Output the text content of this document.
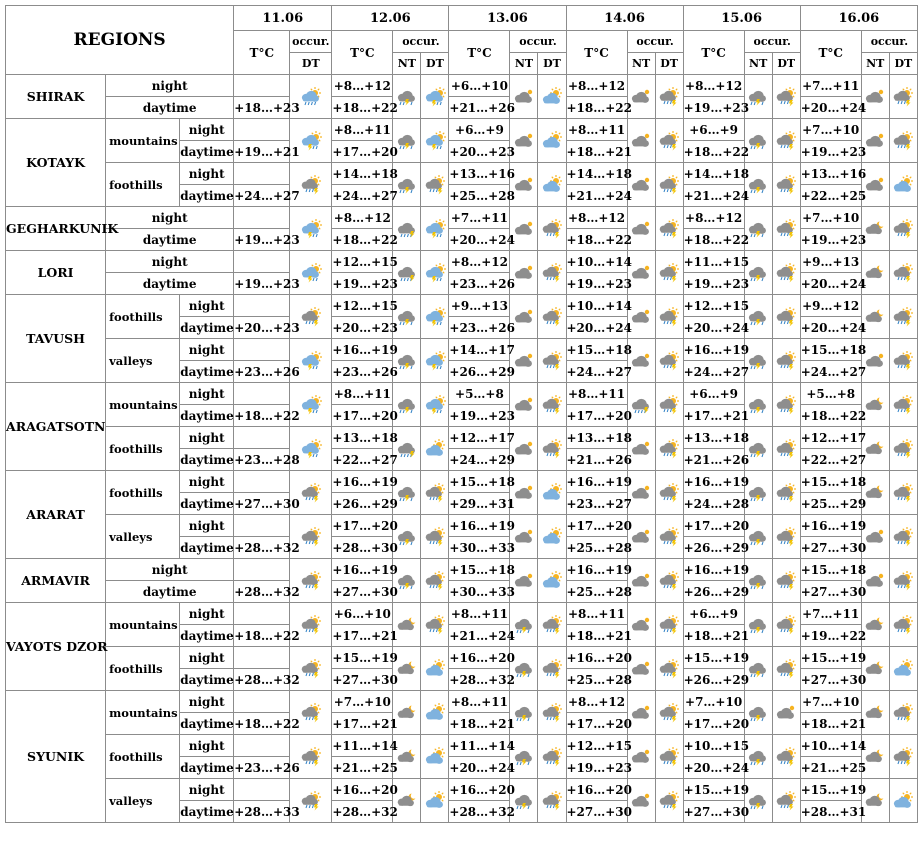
REGIONS			11.06		12.06			13.06			14.06			15.06			16.06		
			T°C	occur.	T°C	occur.		T°C	occur.		T°C	occur.		T°C	occur.		T°C	occur.	
				DT		NT	DT		NT	DT		NT	DT		NT	DT		NT	DT
SHIRAK	night				+8…+12			+6…+10			+8…+12			+8…+12			+7…+11		
	daytime		+18…+23		+18…+22			+21…+26			+18…+22			+19…+23			+20…+24		
KOTAYK	mountains	night			+8…+11			+6…+9			+8…+11			+6…+9			+7…+10		
		daytime	+19…+21		+17…+20			+20…+23			+18…+21			+18…+22			+19…+23		
	foothills	night			+14…+18			+13…+16			+14…+18			+14…+18			+13…+16		
		daytime	+24…+27		+24…+27			+25…+28			+21…+24			+21…+24			+22…+25		
GEGHARKUNIK	night				+8…+12			+7…+11			+8…+12			+8…+12			+7…+10		
	daytime		+19…+23		+18…+22			+20…+24			+18…+22			+18…+22			+19…+23		
LORI	night				+12…+15			+8…+12			+10…+14			+11…+15			+9…+13		
	daytime		+19…+23		+19…+23			+23…+26			+19…+23			+19…+23			+20…+24		
TAVUSH	foothills	night			+12…+15			+9…+13			+10…+14			+12…+15			+9…+12		
		daytime	+20…+23		+20…+23			+23…+26			+20…+24			+20…+24			+20…+24		
	valleys	night			+16…+19			+14…+17			+15…+18			+16…+19			+15…+18		
		daytime	+23…+26		+23…+26			+26…+29			+24…+27			+24…+27			+24…+27		
ARAGATSOTN	mountains	night			+8…+11			+5…+8			+8…+11			+6…+9			+5…+8		
		daytime	+18…+22		+17…+20			+19…+23			+17…+20			+17…+21			+18…+22		
	foothills	night			+13…+18			+12…+17			+13…+18			+13…+18			+12…+17		
		daytime	+23…+28		+22…+27			+24…+29			+21…+26			+21…+26			+22…+27		
ARARAT	foothills	night			+16…+19			+15…+18			+16…+19			+16…+19			+15…+18		
		daytime	+27…+30		+26…+29			+29…+31			+23…+27			+24…+28			+25…+29		
	valleys	night			+17…+20			+16…+19			+17…+20			+17…+20			+16…+19		
		daytime	+28…+32		+28…+30			+30…+33			+25…+28			+26…+29			+27…+30		
ARMAVIR	night				+16…+19			+15…+18			+16…+19			+16…+19			+15…+18		
	daytime		+28…+32		+27…+30			+30…+33			+25…+28			+26…+29			+27…+30		
VAYOTS DZOR	mountains	night			+6…+10			+8…+11			+8…+11			+6…+9			+7…+11		
		daytime	+18…+22		+17…+21			+21…+24			+18…+21			+18…+21			+19…+22		
	foothills	night			+15…+19			+16…+20			+16…+20			+15…+19			+15…+19		
		daytime	+28…+32		+27…+30			+28…+32			+25…+28			+26…+29			+27…+30		
SYUNIK	mountains	night			+7…+10			+8…+11			+8…+12			+7…+10			+7…+10		
		daytime	+18…+22		+17…+21			+18…+21			+17…+20			+17…+20			+18…+21		
	foothills	night			+11…+14			+11…+14			+12…+15			+10…+15			+10…+14		
		daytime	+23…+26		+21…+25			+20…+24			+19…+23			+20…+24			+21…+25		
	valleys	night			+16…+20			+16…+20			+16…+20			+15…+19			+15…+19		
		daytime	+28…+33		+28…+32			+28…+32			+27…+30			+27…+30			+28…+31		
